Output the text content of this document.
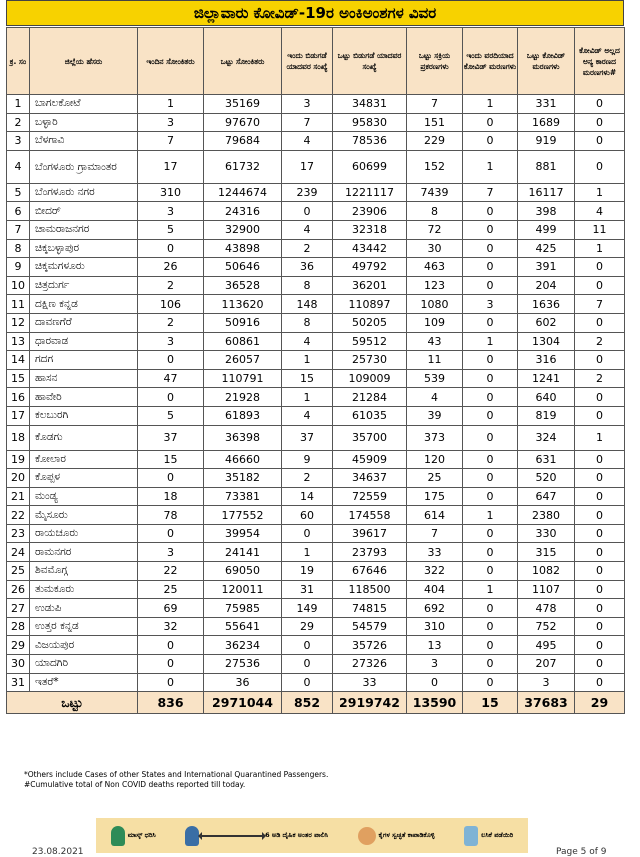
ಜಿಲ್ಲಾವಾರು ಕೋವಿಡ್-19ರ ಅಂಕಿಅಂಶಗಳ ವಿವರ
ಕ್ರ. ಸಂ	ಜಿಲ್ಲೆಯ ಹೆಸರು	ಇಂದಿನ ಸೋಂಕಿತರು	ಒಟ್ಟು ಸೋಂಕಿತರು	ಇಂದು ಬಿಡುಗಡೆ ಯಾದವರ ಸಂಖ್ಯೆ	ಒಟ್ಟು ಬಿಡುಗಡೆ ಯಾದವರ ಸಂಖ್ಯೆ	ಒಟ್ಟು ಸಕ್ರಿಯ ಪ್ರಕರಣಗಳು	ಇಂದು ವರದಿಯಾದ ಕೋವಿಡ್ ಮರಣಗಳು	ಒಟ್ಟು ಕೋವಿಡ್ ಮರಣಗಳು	ಕೋವಿಡ್ ಅಲ್ಲದ ಅನ್ಯ ಕಾರಣದ ಮರಣಗಳು#
1	ಬಾಗಲಕೋಟೆ	1	35169	3	34831	7	1	331	0
2	ಬಳ್ಳಾರಿ	3	97670	7	95830	151	0	1689	0
3	ಬೆಳಗಾವಿ	7	79684	4	78536	229	0	919	0
4	ಬೆಂಗಳೂರು ಗ್ರಾಮಾಂತರ	17	61732	17	60699	152	1	881	0
5	ಬೆಂಗಳೂರು ನಗರ	310	1244674	239	1221117	7439	7	16117	1
6	ಬೀದರ್	3	24316	0	23906	8	0	398	4
7	ಚಾಮರಾಜನಗರ	5	32900	4	32318	72	0	499	11
8	ಚಿಕ್ಕಬಳ್ಳಾಪುರ	0	43898	2	43442	30	0	425	1
9	ಚಿಕ್ಕಮಗಳೂರು	26	50646	36	49792	463	0	391	0
10	ಚಿತ್ರದುರ್ಗ	2	36528	8	36201	123	0	204	0
11	ದಕ್ಷಿಣ ಕನ್ನಡ	106	113620	148	110897	1080	3	1636	7
12	ದಾವಣಗೆರೆ	2	50916	8	50205	109	0	602	0
13	ಧಾರವಾಡ	3	60861	4	59512	43	1	1304	2
14	ಗದಗ	0	26057	1	25730	11	0	316	0
15	ಹಾಸನ	47	110791	15	109009	539	0	1241	2
16	ಹಾವೇರಿ	0	21928	1	21284	4	0	640	0
17	ಕಲಬುರಗಿ	5	61893	4	61035	39	0	819	0
18	ಕೊಡಗು	37	36398	37	35700	373	0	324	1
19	ಕೋಲಾರ	15	46660	9	45909	120	0	631	0
20	ಕೊಪ್ಪಳ	0	35182	2	34637	25	0	520	0
21	ಮಂಡ್ಯ	18	73381	14	72559	175	0	647	0
22	ಮೈಸೂರು	78	177552	60	174558	614	1	2380	0
23	ರಾಯಚೂರು	0	39954	0	39617	7	0	330	0
24	ರಾಮನಗರ	3	24141	1	23793	33	0	315	0
25	ಶಿವಮೊಗ್ಗ	22	69050	19	67646	322	0	1082	0
26	ತುಮಕೂರು	25	120011	31	118500	404	1	1107	0
27	ಉಡುಪಿ	69	75985	149	74815	692	0	478	0
28	ಉತ್ತರ ಕನ್ನಡ	32	55641	29	54579	310	0	752	0
29	ವಿಜಯಪುರ	0	36234	0	35726	13	0	495	0
30	ಯಾದಗಿರಿ	0	27536	0	27326	3	0	207	0
31	ಇತರೆ*	0	36	0	33	0	0	3	0
ಒಟ್ಟು		836	2971044	852	2919742	13590	15	37683	29
*Others include Cases of other States and International Quarantined Passengers.
#Cumulative total of Non COVID deaths reported till today.
ಮಾಸ್ಕ್ ಧರಿಸಿ	6 ಅಡಿ ದೈಹಿಕ ಅಂತರ ಪಾಲಿಸಿ	ಕೈಗಳ ಸ್ವಚ್ಛತೆ ಕಾಪಾಡಿಕೊಳ್ಳಿ	ಲಸಿಕೆ ಪಡೆಯಿರಿ
23.08.2021	Page 5 of 9
